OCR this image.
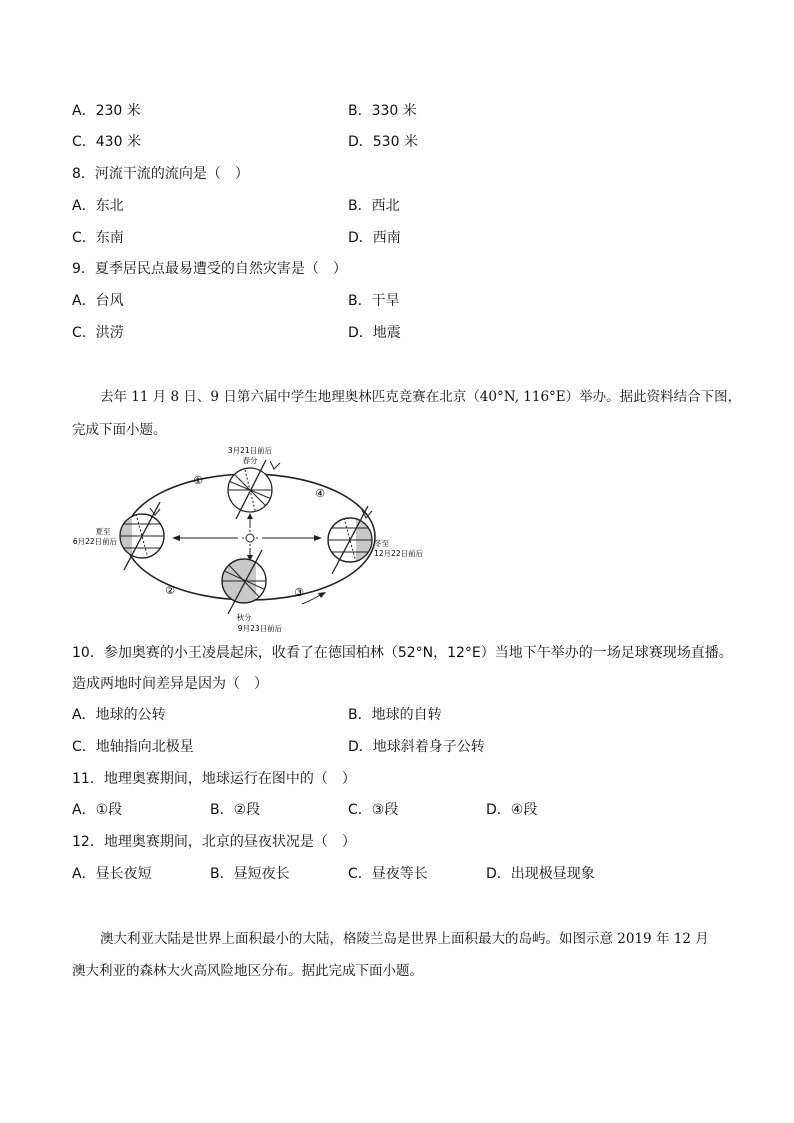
A．230 米	B．330 米
C．430 米	D．530 米
8．河流干流的流向是（　）
A．东北	B．西北
C．东南	D．西南
9．夏季居民点最易遭受的自然灾害是（　）
A．台风	B．干旱
C．洪涝	D．地震
去年 11 月 8 日、9 日第六届中学生地理奥林匹克竞赛在北京（40°N, 116°E）举办。据此资料结合下图，
完成下面小题。
3月21日前后
春分
夏至
6月22日前后	冬至
12月22日前后
秋分
9月23日前后
①
②	③
④
10．参加奥赛的小王凌晨起床，收看了在德国柏林（52°N，12°E）当地下午举办的一场足球赛现场直播。
造成两地时间差异是因为（　）
A．地球的公转	B．地球的自转
C．地轴指向北极星	D．地球斜着身子公转
11．地理奥赛期间，地球运行在图中的（　）
A．①段	B．②段	C．③段	D．④段
12．地理奥赛期间，北京的昼夜状况是（　）
A．昼长夜短	B．昼短夜长	C．昼夜等长	D．出现极昼现象
澳大利亚大陆是世界上面积最小的大陆，格陵兰岛是世界上面积最大的岛屿。如图示意 2019 年 12 月
澳大利亚的森林大火高风险地区分布。据此完成下面小题。
